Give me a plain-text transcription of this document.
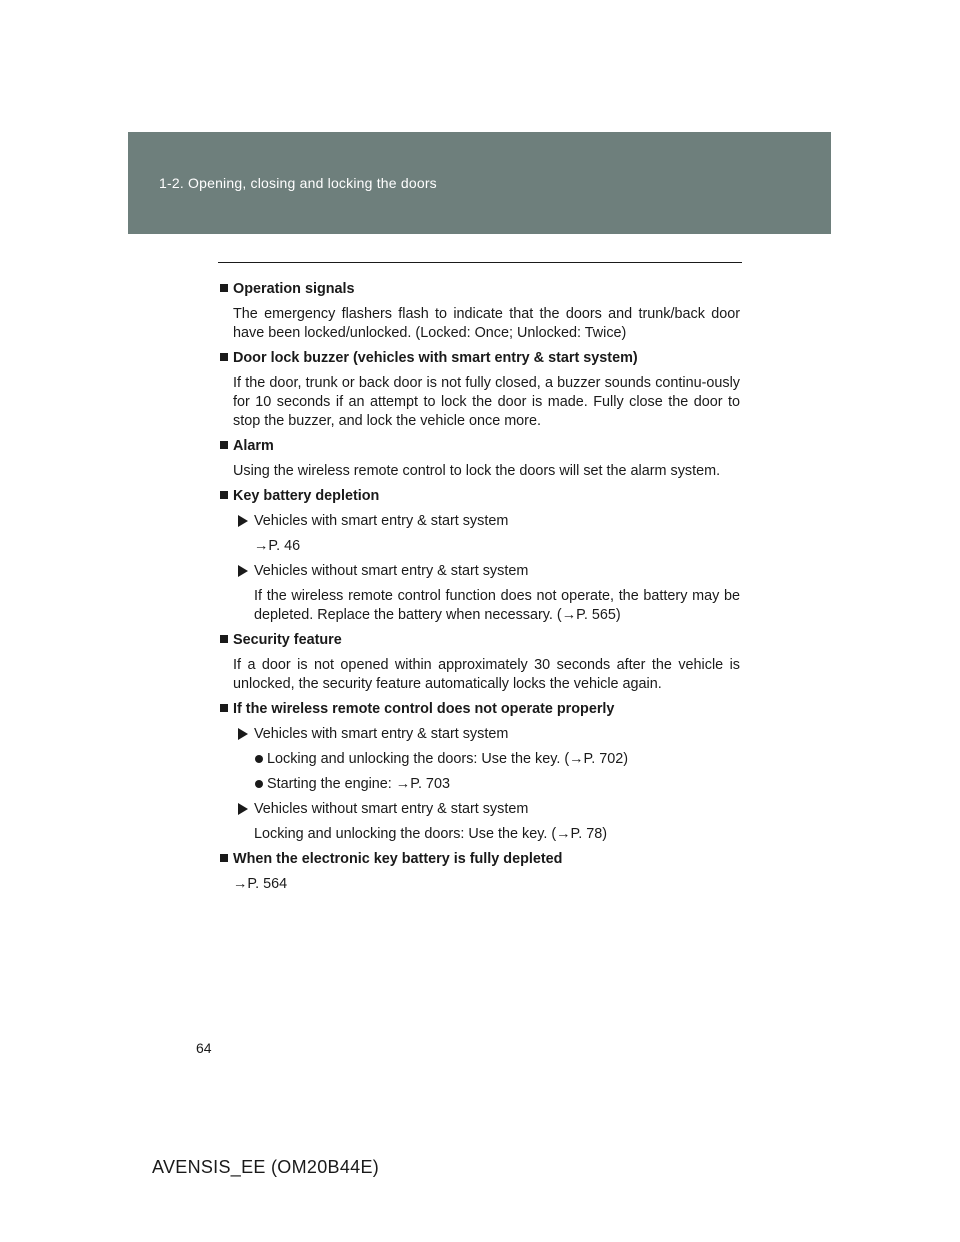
1-2. Opening, closing and locking the doors
Operation signals

The emergency flashers flash to indicate that the doors and trunk/back door have been locked/unlocked. (Locked: Once; Unlocked: Twice)

Door lock buzzer (vehicles with smart entry & start system)

If the door, trunk or back door is not fully closed, a buzzer sounds continu-ously for 10 seconds if an attempt to lock the door is made. Fully close the door to stop the buzzer, and lock the vehicle once more.

Alarm

Using the wireless remote control to lock the doors will set the alarm system.

Key battery depletion
Vehicles with smart entry & start system

→P. 46

Vehicles without smart entry & start system

If the wireless remote control function does not operate, the battery may be depleted. Replace the battery when necessary. (→P. 565)

Security feature

If a door is not opened within approximately 30 seconds after the vehicle is unlocked, the security feature automatically locks the vehicle again.

If the wireless remote control does not operate properly
Vehicles with smart entry & start system
Locking and unlocking the doors: Use the key. (→P. 702)
Starting the engine: →P. 703
Vehicles without smart entry & start system

Locking and unlocking the doors: Use the key. (→P. 78)

When the electronic key battery is fully depleted

→P. 564

64
AVENSIS_EE (OM20B44E)
